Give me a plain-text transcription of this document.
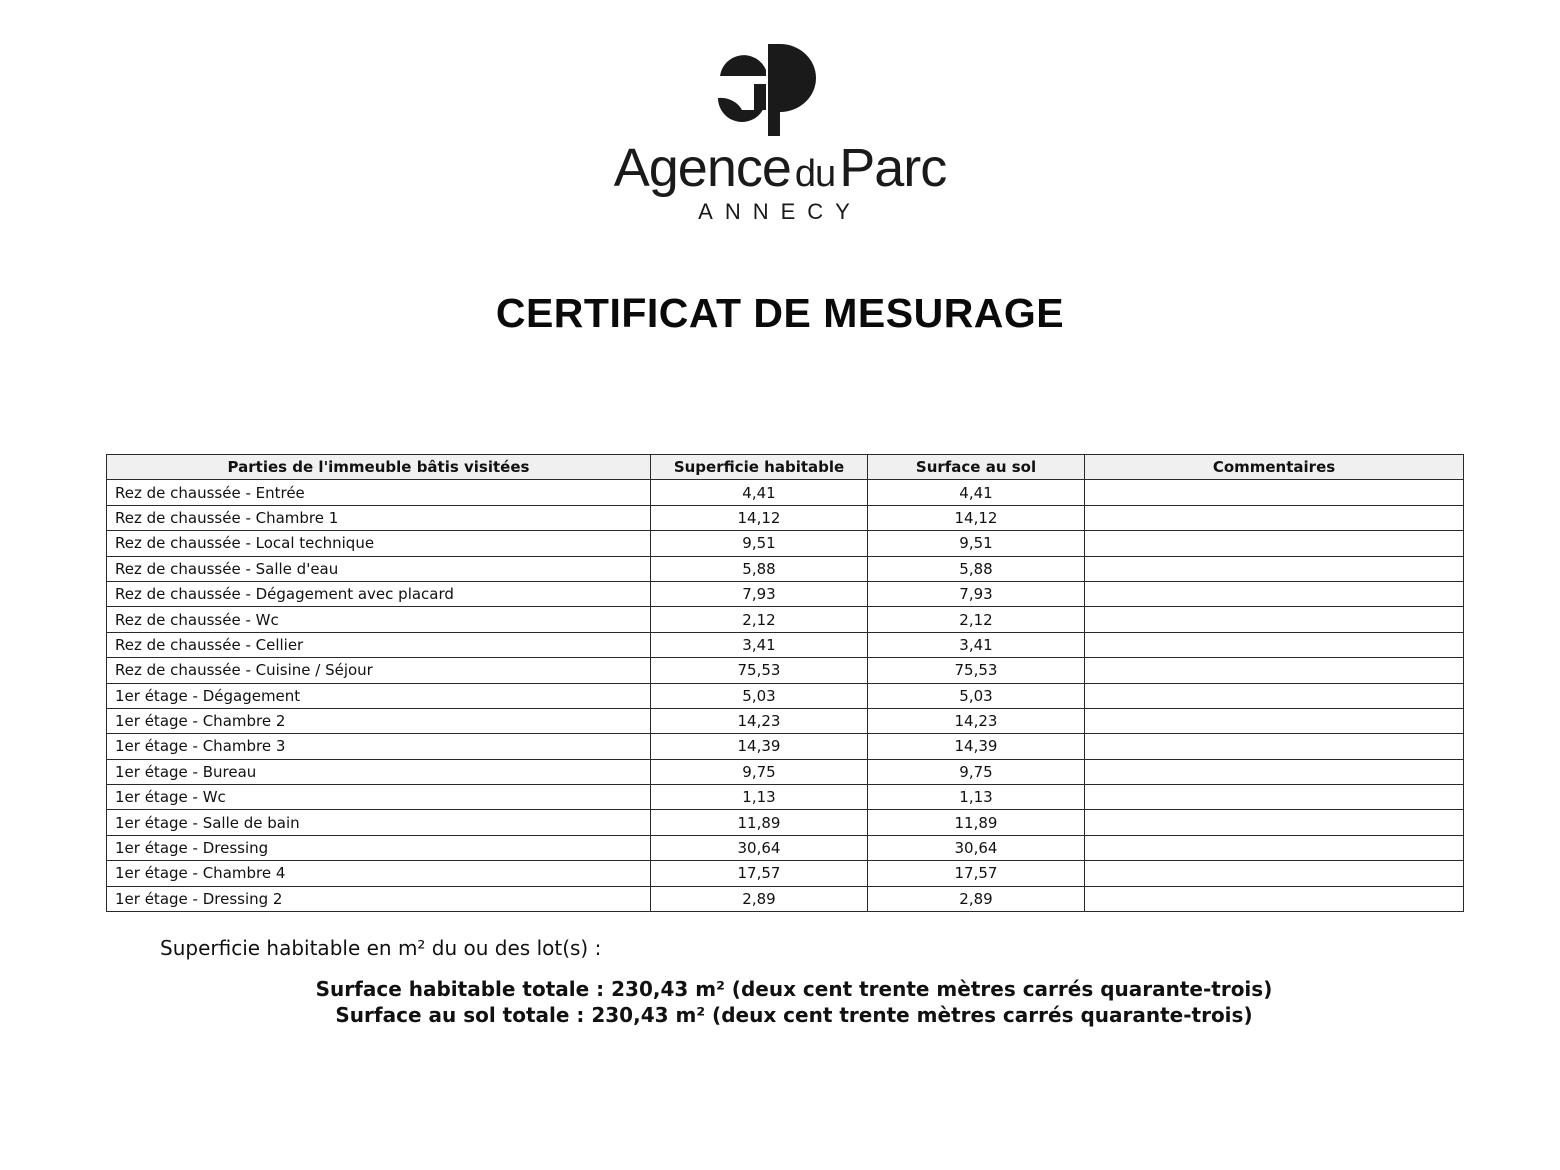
Agence duParc
ANNECY
CERTIFICAT DE MESURAGE
Parties de l'immeuble bâtis visitées	Superficie habitable	Surface au sol	Commentaires
Rez de chaussée - Entrée	4,41	4,41	
Rez de chaussée - Chambre 1	14,12	14,12	
Rez de chaussée - Local technique	9,51	9,51	
Rez de chaussée - Salle d'eau	5,88	5,88	
Rez de chaussée - Dégagement avec placard	7,93	7,93	
Rez de chaussée - Wc	2,12	2,12	
Rez de chaussée - Cellier	3,41	3,41	
Rez de chaussée - Cuisine / Séjour	75,53	75,53	
1er étage - Dégagement	5,03	5,03	
1er étage - Chambre 2	14,23	14,23	
1er étage - Chambre 3	14,39	14,39	
1er étage - Bureau	9,75	9,75	
1er étage - Wc	1,13	1,13	
1er étage - Salle de bain	11,89	11,89	
1er étage - Dressing	30,64	30,64	
1er étage - Chambre 4	17,57	17,57	
1er étage - Dressing 2	2,89	2,89	
Superficie habitable en m² du ou des lot(s) :
Surface habitable totale : 230,43 m² (deux cent trente mètres carrés quarante-trois)
Surface au sol totale : 230,43 m² (deux cent trente mètres carrés quarante-trois)
